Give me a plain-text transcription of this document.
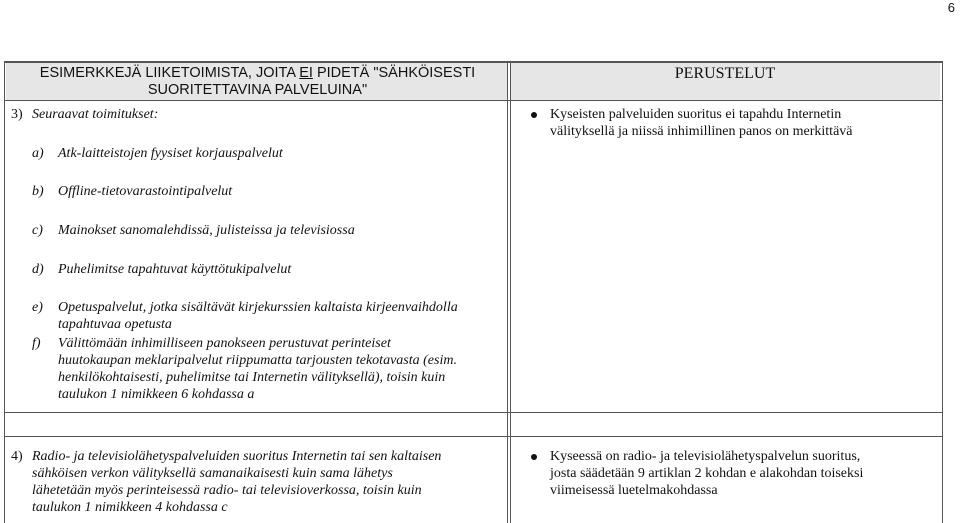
6
ESIMERKKEJÄ LIIKETOIMISTA, JOITA EI PIDETÄ "SÄHKÖISESTI
SUORITETTAVINA PALVELUINA"
PERUSTELUT
3) Seuraavat toimitukset:
a) Atk-laitteistojen fyysiset korjauspalvelut
b) Offline-tietovarastointipalvelut
c) Mainokset sanomalehdissä, julisteissa ja televisiossa
d) Puhelimitse tapahtuvat käyttötukipalvelut
e) Opetuspalvelut, jotka sisältävät kirjekurssien kaltaista kirjeenvaihdolla
tapahtuvaa opetusta
f) Välittömään inhimilliseen panokseen perustuvat perinteiset
huutokaupan meklaripalvelut riippumatta tarjousten tekotavasta (esim.
henkilökohtaisesti, puhelimitse tai Internetin välityksellä), toisin kuin
taulukon 1 nimikkeen 6 kohdassa a
Kyseisten palveluiden suoritus ei tapahdu Internetin
välityksellä ja niissä inhimillinen panos on merkittävä
4) Radio- ja televisiolähetyspalveluiden suoritus Internetin tai sen kaltaisen
sähköisen verkon välityksellä samanaikaisesti kuin sama lähetys
lähetetään myös perinteisessä radio- tai televisioverkossa, toisin kuin
taulukon 1 nimikkeen 4 kohdassa c
Kyseessä on radio- ja televisiolähetyspalvelun suoritus,
josta säädetään 9 artiklan 2 kohdan e alakohdan toiseksi
viimeisessä luetelmakohdassa
